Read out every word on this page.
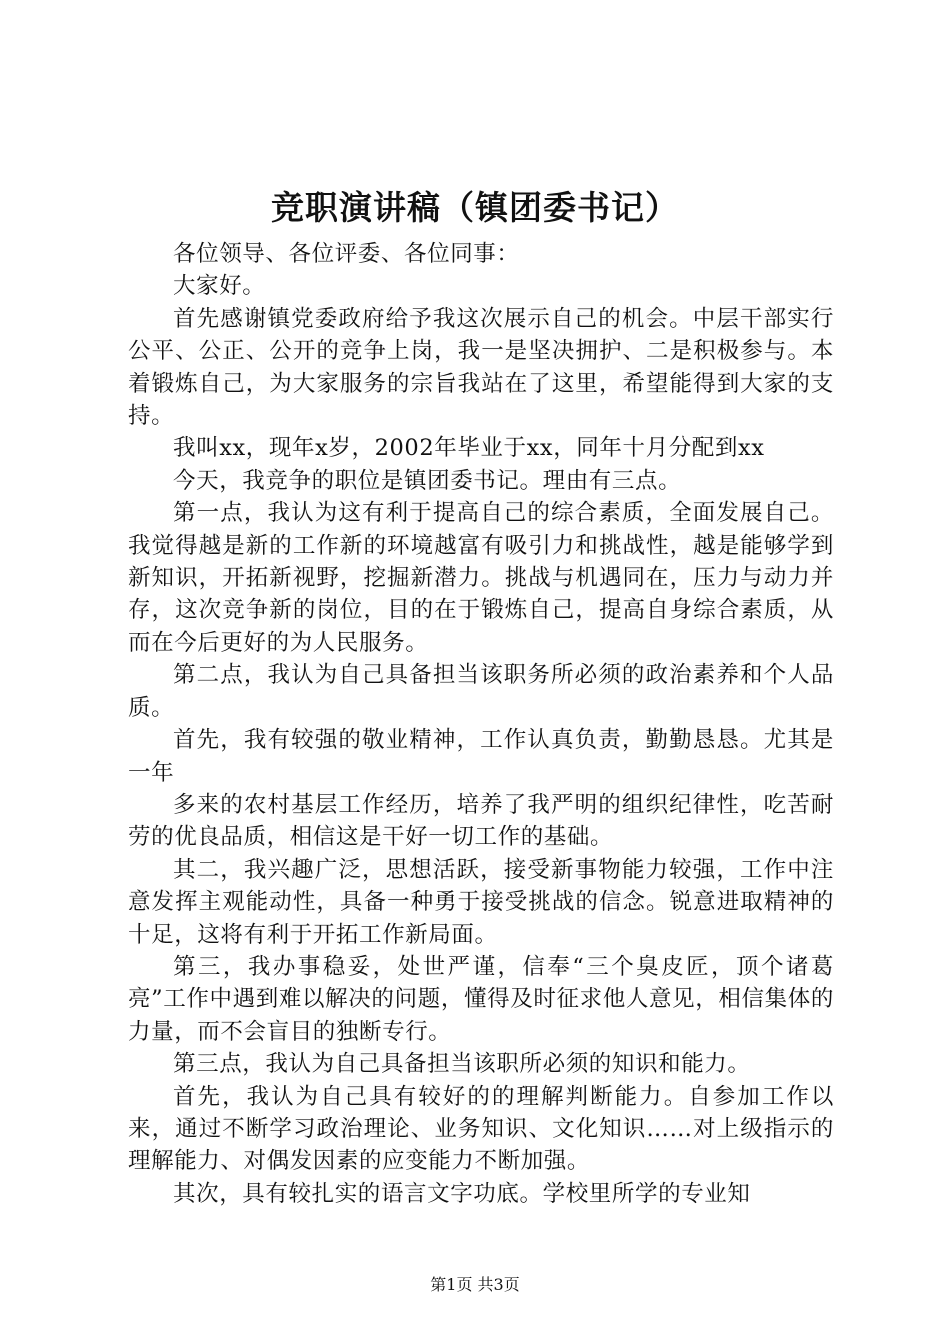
竞职演讲稿（镇团委书记）

各位领导、各位评委、各位同事：

大家好。

首先感谢镇党委政府给予我这次展示自己的机会。中层干部实行公平、公正、公开的竞争上岗，我一是坚决拥护、二是积极参与。本着锻炼自己，为大家服务的宗旨我站在了这里，希望能得到大家的支持。

我叫xx，现年x岁，2002年毕业于xx，同年十月分配到xx

今天，我竞争的职位是镇团委书记。理由有三点。

第一点，我认为这有利于提高自己的综合素质，全面发展自己。我觉得越是新的工作新的环境越富有吸引力和挑战性，越是能够学到新知识，开拓新视野，挖掘新潜力。挑战与机遇同在，压力与动力并存，这次竞争新的岗位，目的在于锻炼自己，提高自身综合素质，从而在今后更好的为人民服务。

第二点，我认为自己具备担当该职务所必须的政治素养和个人品质。

首先，我有较强的敬业精神，工作认真负责，勤勤恳恳。尤其是一年

多来的农村基层工作经历，培养了我严明的组织纪律性，吃苦耐劳的优良品质，相信这是干好一切工作的基础。

其二，我兴趣广泛，思想活跃，接受新事物能力较强，工作中注意发挥主观能动性，具备一种勇于接受挑战的信念。锐意进取精神的十足，这将有利于开拓工作新局面。

第三，我办事稳妥，处世严谨，信奉“三个臭皮匠，顶个诸葛亮”工作中遇到难以解决的问题，懂得及时征求他人意见，相信集体的力量，而不会盲目的独断专行。

第三点，我认为自己具备担当该职所必须的知识和能力。

首先，我认为自己具有较好的的理解判断能力。自参加工作以来，通过不断学习政治理论、业务知识、文化知识……对上级指示的理解能力、对偶发因素的应变能力不断加强。

其次，具有较扎实的语言文字功底。学校里所学的专业知

第1页 共3页
